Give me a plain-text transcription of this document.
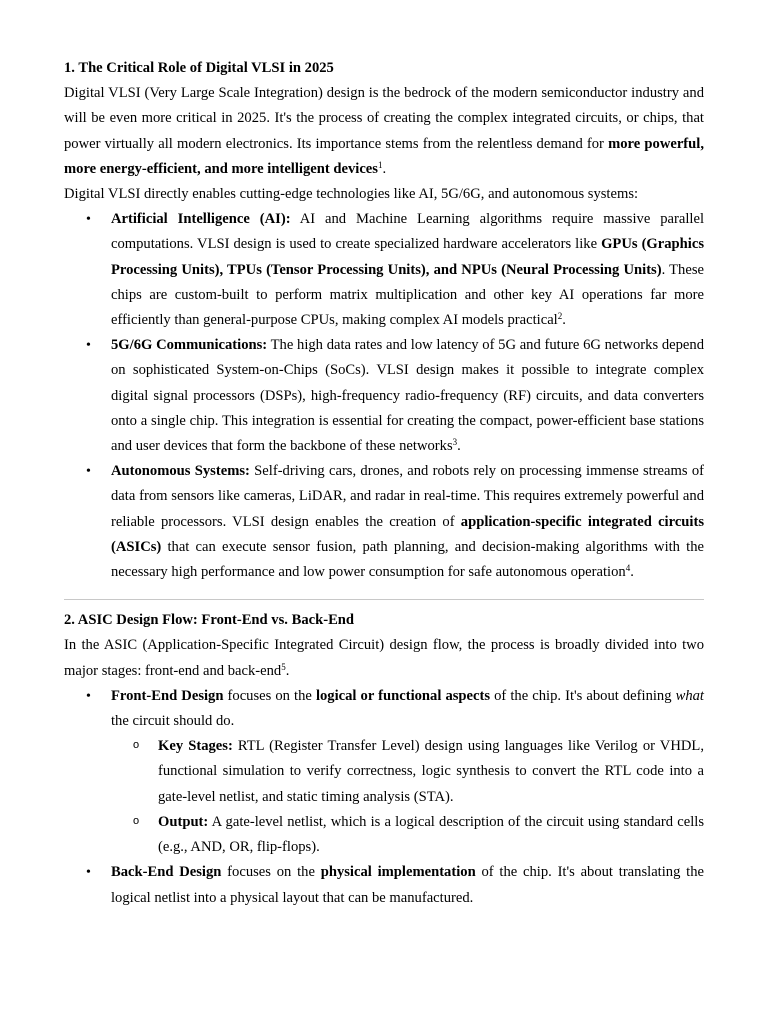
1. The Critical Role of Digital VLSI in 2025
Digital VLSI (Very Large Scale Integration) design is the bedrock of the modern semiconductor industry and will be even more critical in 2025. It's the process of creating the complex integrated circuits, or chips, that power virtually all modern electronics. Its importance stems from the relentless demand for more powerful, more energy-efficient, and more intelligent devices$^1$.
Digital VLSI directly enables cutting-edge technologies like AI, 5G/6G, and autonomous systems:
• Artificial Intelligence (AI): AI and Machine Learning algorithms require massive parallel computations. VLSI design is used to create specialized hardware accelerators like GPUs (Graphics Processing Units), TPUs (Tensor Processing Units), and NPUs (Neural Processing Units). These chips are custom-built to perform matrix multiplication and other key AI operations far more efficiently than general-purpose CPUs, making complex AI models practical$^2$.
• 5G/6G Communications: The high data rates and low latency of 5G and future 6G networks depend on sophisticated System-on-Chips (SoCs). VLSI design makes it possible to integrate complex digital signal processors (DSPs), high-frequency radio-frequency (RF) circuits, and data converters onto a single chip. This integration is essential for creating the compact, power-efficient base stations and user devices that form the backbone of these networks$^3$.
• Autonomous Systems: Self-driving cars, drones, and robots rely on processing immense streams of data from sensors like cameras, LiDAR, and radar in real-time. This requires extremely powerful and reliable processors. VLSI design enables the creation of application-specific integrated circuits (ASICs) that can execute sensor fusion, path planning, and decision-making algorithms with the necessary high performance and low power consumption for safe autonomous operation$^4$.
2. ASIC Design Flow: Front-End vs. Back-End
In the ASIC (Application-Specific Integrated Circuit) design flow, the process is broadly divided into two major stages: front-end and back-end$^5$.
• Front-End Design focuses on the logical or functional aspects of the chip. It's about defining what the circuit should do.
o Key Stages: RTL (Register Transfer Level) design using languages like Verilog or VHDL, functional simulation to verify correctness, logic synthesis to convert the RTL code into a gate-level netlist, and static timing analysis (STA).
o Output: A gate-level netlist, which is a logical description of the circuit using standard cells (e.g., AND, OR, flip-flops).
• Back-End Design focuses on the physical implementation of the chip. It's about translating the logical netlist into a physical layout that can be manufactured.
